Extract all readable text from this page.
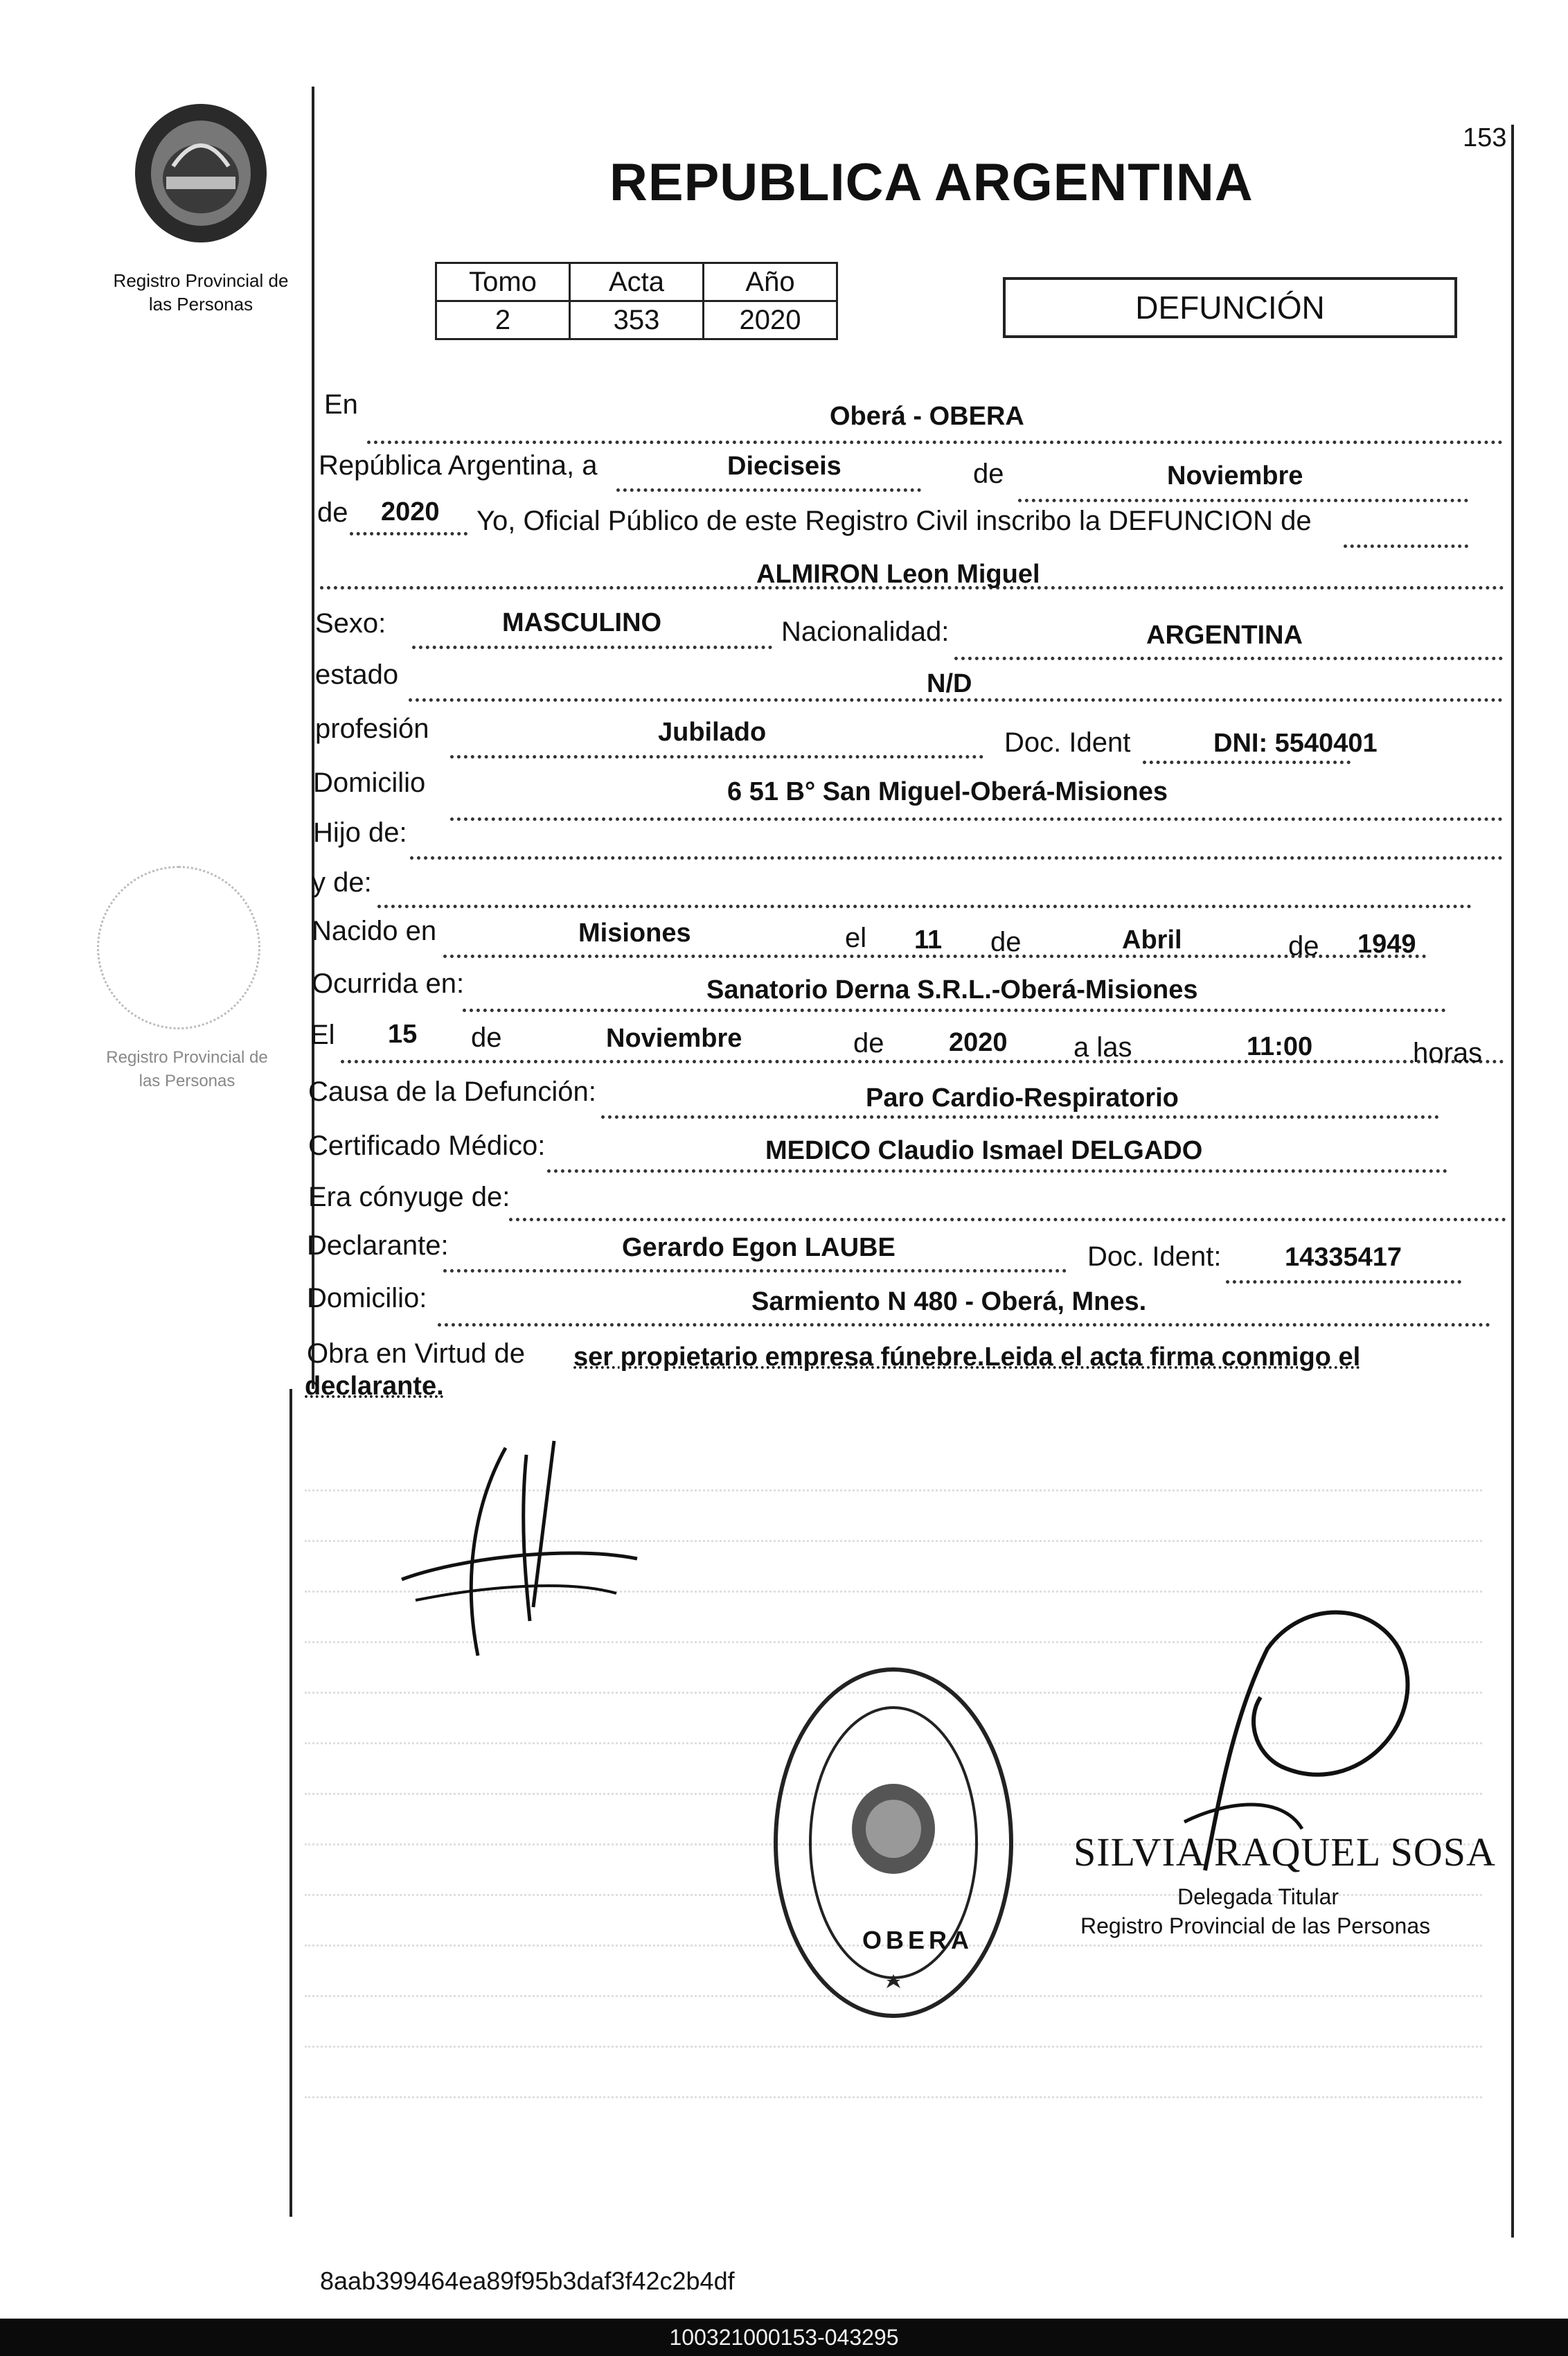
Registro Provincial de
las Personas
153
REPUBLICA ARGENTINA
Tomo	Acta	Año
2	353	2020	DEFUNCIÓN
En	Oberá - OBERA
República Argentina, a	Dieciseis	de	Noviembre
de 2020 Yo, Oficial Público de este Registro Civil inscribo la DEFUNCION de
ALMIRON Leon Miguel
Sexo:	MASCULINO	Nacionalidad:	ARGENTINA
estado	N/D
profesión	Jubilado	Doc. Ident	DNI: 5540401
Domicilio	6 51 B° San Miguel-Oberá-Misiones
Hijo de:
y de:
Nacido en	Misiones	el 11 de	Abril	de 1949
Ocurrida en:	Sanatorio Derna S.R.L.-Oberá-Misiones
El 15 de	Noviembre	de 2020 a las	11:00	horas
Causa de la Defunción:	Paro Cardio-Respiratorio
Certificado Médico:	MEDICO Claudio Ismael DELGADO
Era cónyuge de:
Declarante:	Gerardo Egon LAUBE	Doc. Ident: 14335417
Domicilio:	Sarmiento N 480 - Oberá, Mnes.
Obra en Virtud de ser propietario empresa fúnebre.Leida el acta firma conmigo el
declarante.
Registro Provincial de
las Personas
OBERA
SILVIA RAQUEL SOSA
Delegada Titular
Registro Provincial de las Personas
8aab399464ea89f95b3daf3f42c2b4df
100321000153-043295
